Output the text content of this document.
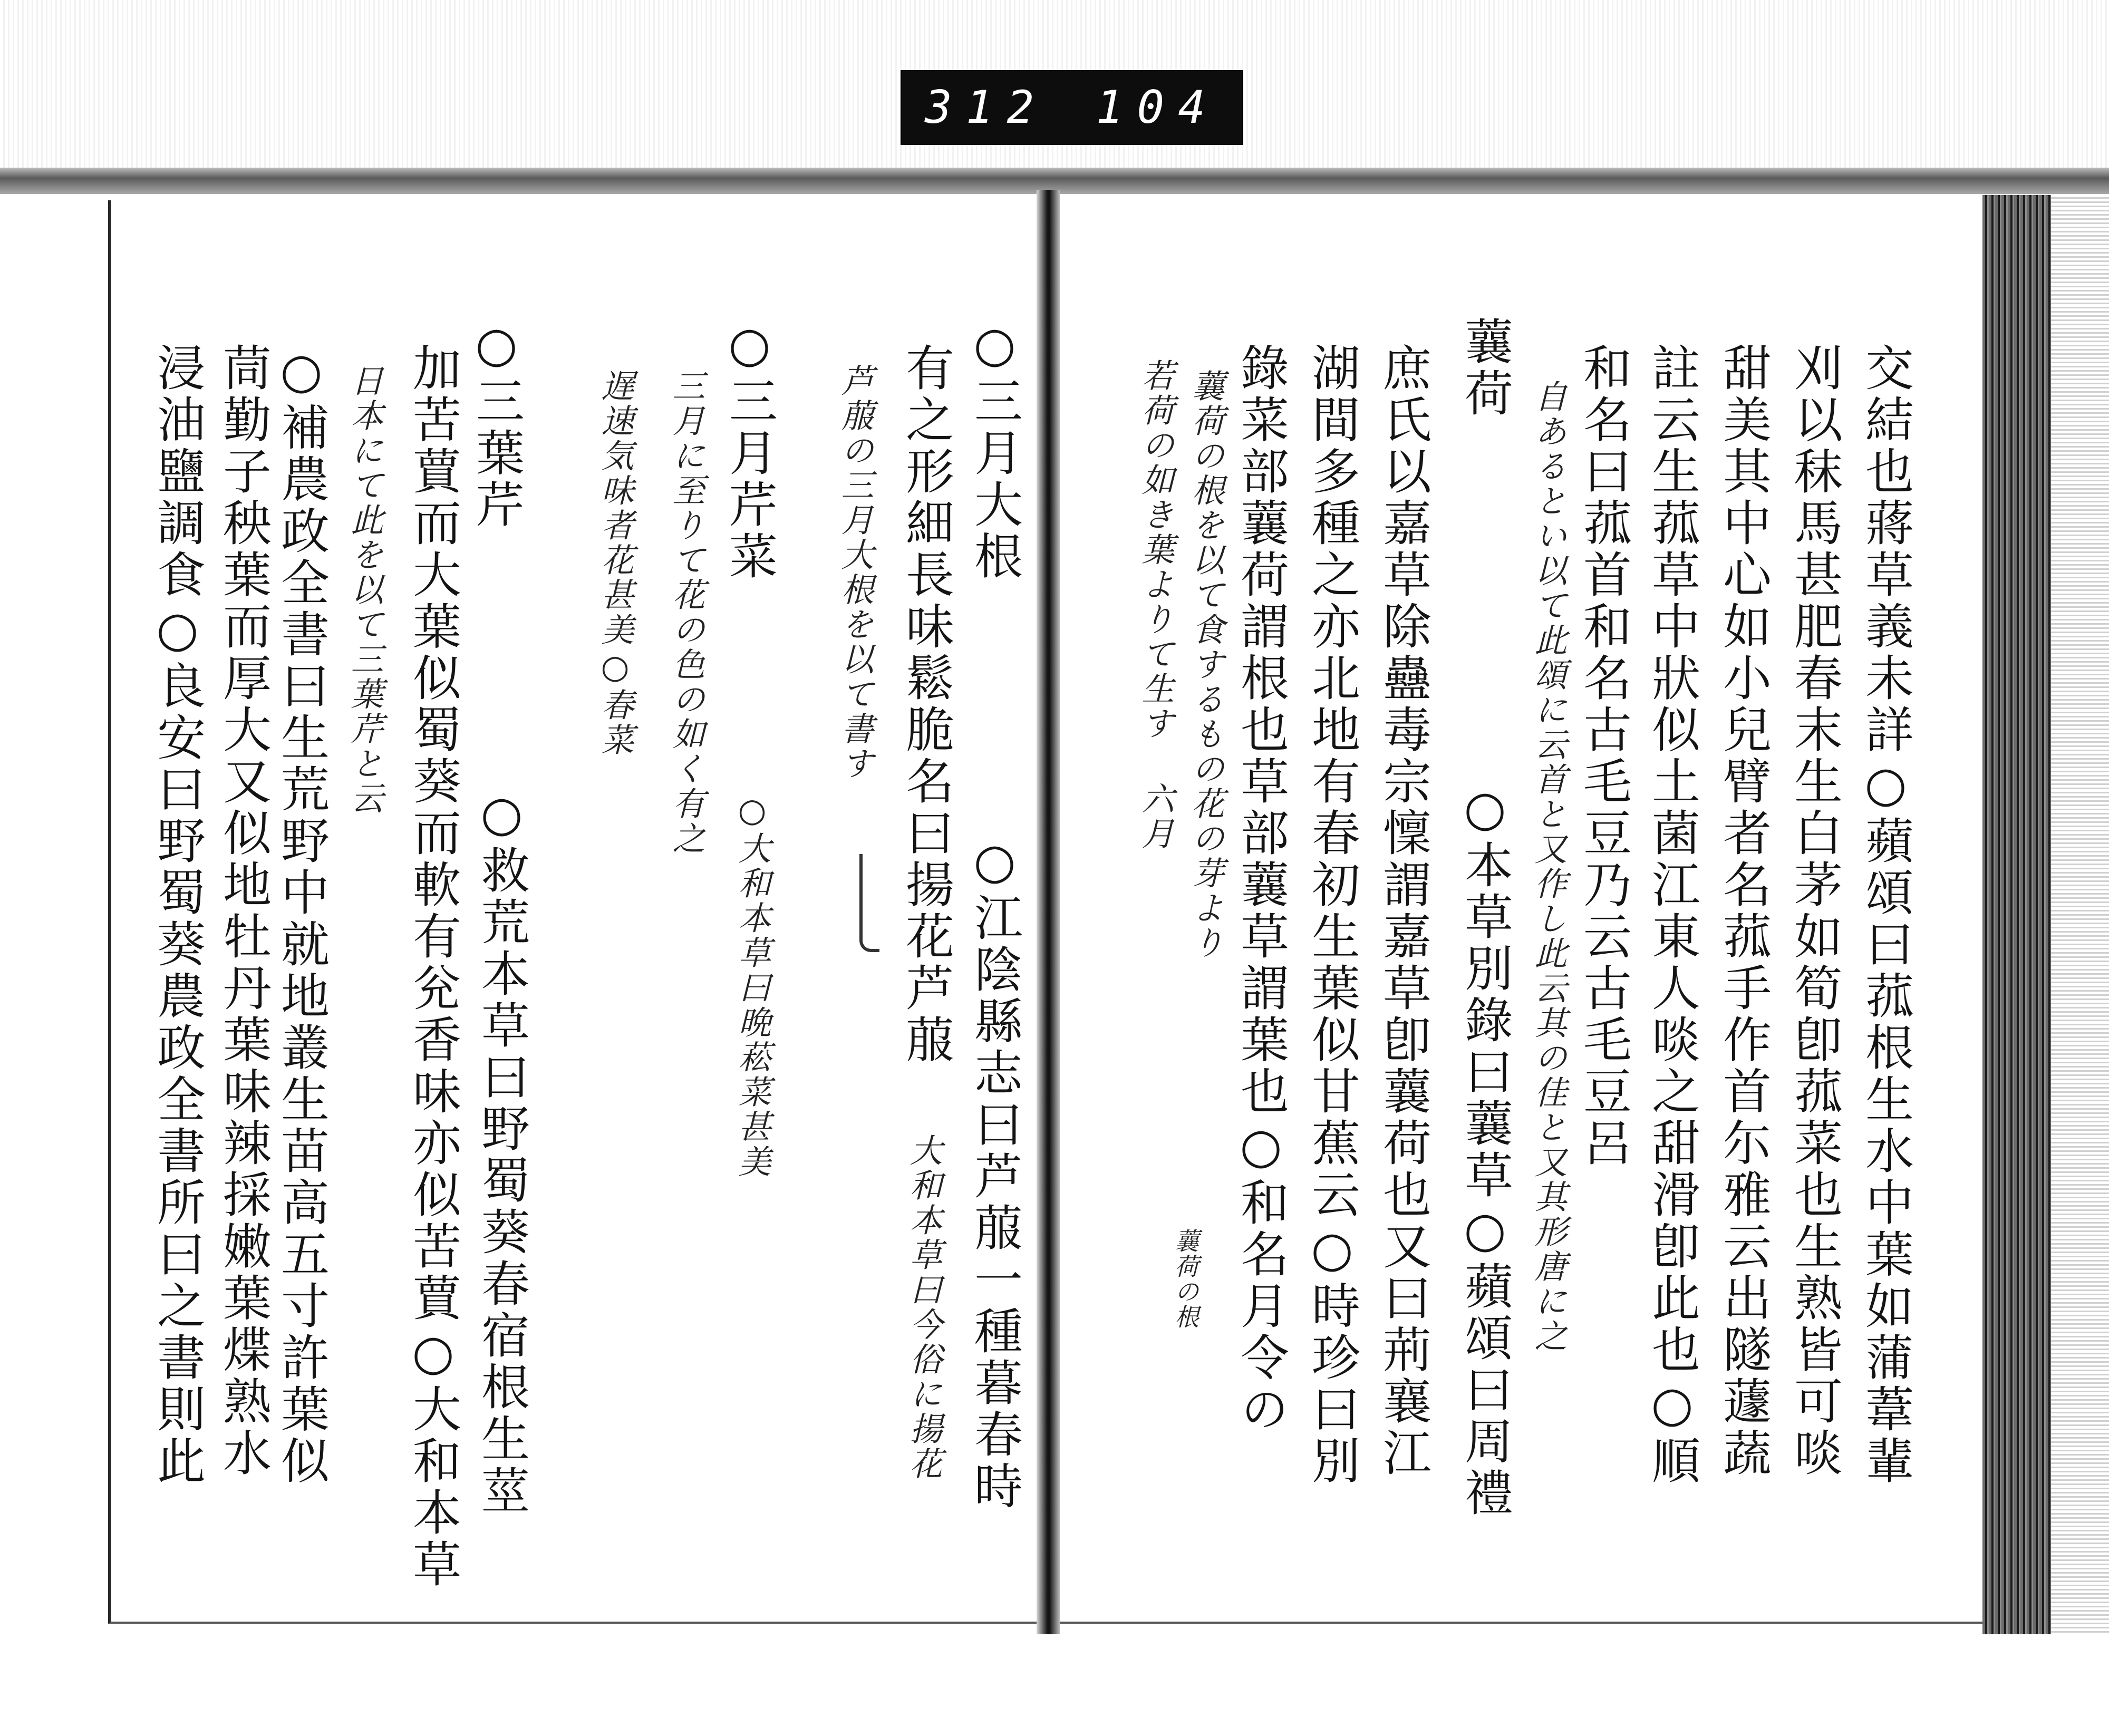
312 104
交結也蔣草義未詳○蘋頌曰菰根生水中葉如蒲葦輩
刈以秣馬甚肥春末生白茅如筍卽菰菜也生熟皆可啖
甜美其中心如小兒臂者名菰手作首尓雅云出隧蘧蔬
註云生菰草中狀似土菌江東人啖之甜滑卽此也○順
和名曰菰首和名古毛豆乃云古毛豆呂
自あるとい以て此頌に云首と又作し此云其の佳と又其形唐に之
○本草別錄曰蘘草○蘋頌曰周禮
蘘荷
庶氏以嘉草除蠱毒宗懍謂嘉草卽蘘荷也又曰荊襄江
湖間多種之亦北地有春初生葉似甘蕉云○時珍曰別
錄菜部蘘荷謂根也草部蘘草謂葉也○和名月令の
蘘荷の根を以て食するもの花の芽より
若荷の如き葉よりて生す 六月
蘘荷の根
有之形細長味鬆脆名曰揚花芦菔
○江陰縣志曰芦菔一種暮春時
○三月大根
芦菔の三月大根を以て書す
大和本草曰今俗に揚花
○三月芹菜
○大和本草曰晩菘菜甚美
三月に至りて花の色の如く有之
遅速気味者花甚美○春菜
○三葉芹
○救荒本草曰野蜀葵春宿根生莖
加苦蕒而大葉似蜀葵而軟有兊香味亦似苦蕒○大和本草
日本にて此を以て三葉芹と云
○補農政全書曰生荒野中就地叢生苗高五寸許葉似
茼勤子秧葉而厚大又似地牡丹葉味辣採嫩葉煠熟水
浸油鹽調食○良安曰野蜀葵農政全書所曰之書則此
